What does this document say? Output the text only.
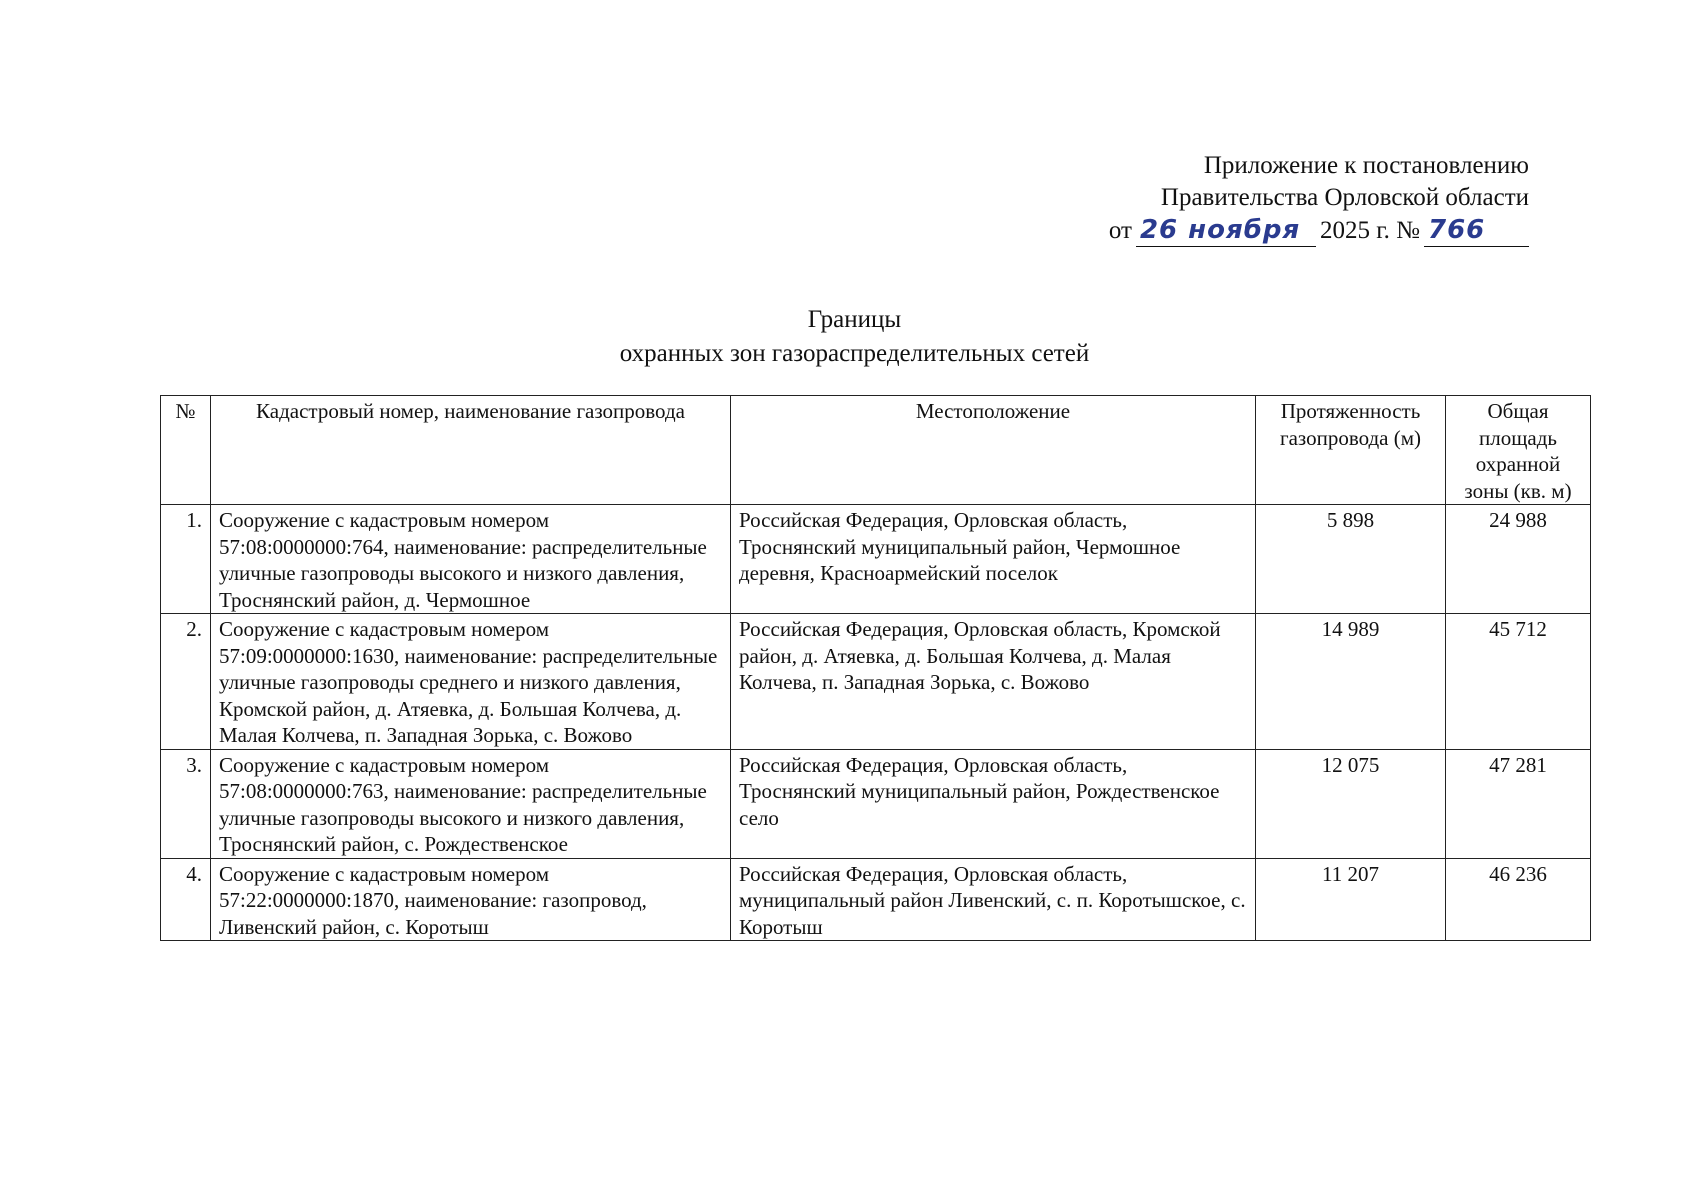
Приложение к постановлению
Правительства Орловской области
от 26 ноября 2025 г. № 766
Границы
охранных зон газораспределительных сетей
№	Кадастровый номер, наименование газопровода	Местоположение	Протяженность газопровода (м)	Общая площадь охранной зоны (кв. м)
1.	Сооружение с кадастровым номером 57:08:0000000:764, наименование: распределительные уличные газопроводы высокого и низкого давления, Троснянский район, д. Чермошное	Российская Федерация, Орловская область, Троснянский муниципальный район, Чермошное деревня, Красноармейский поселок	5 898	24 988
2.	Сооружение с кадастровым номером 57:09:0000000:1630, наименование: распределительные уличные газопроводы среднего и низкого давления, Кромской район, д. Атяевка, д. Большая Колчева, д. Малая Колчева, п. Западная Зорька, с. Вожово	Российская Федерация, Орловская область, Кромской район, д. Атяевка, д. Большая Колчева, д. Малая Колчева, п. Западная Зорька, с. Вожово	14 989	45 712
3.	Сооружение с кадастровым номером 57:08:0000000:763, наименование: распределительные уличные газопроводы высокого и низкого давления, Троснянский район, с. Рождественское	Российская Федерация, Орловская область, Троснянский муниципальный район, Рождественское село	12 075	47 281
4.	Сооружение с кадастровым номером 57:22:0000000:1870, наименование: газопровод, Ливенский район, с. Коротыш	Российская Федерация, Орловская область, муниципальный район Ливенский, с. п. Коротышское, с. Коротыш	11 207	46 236
